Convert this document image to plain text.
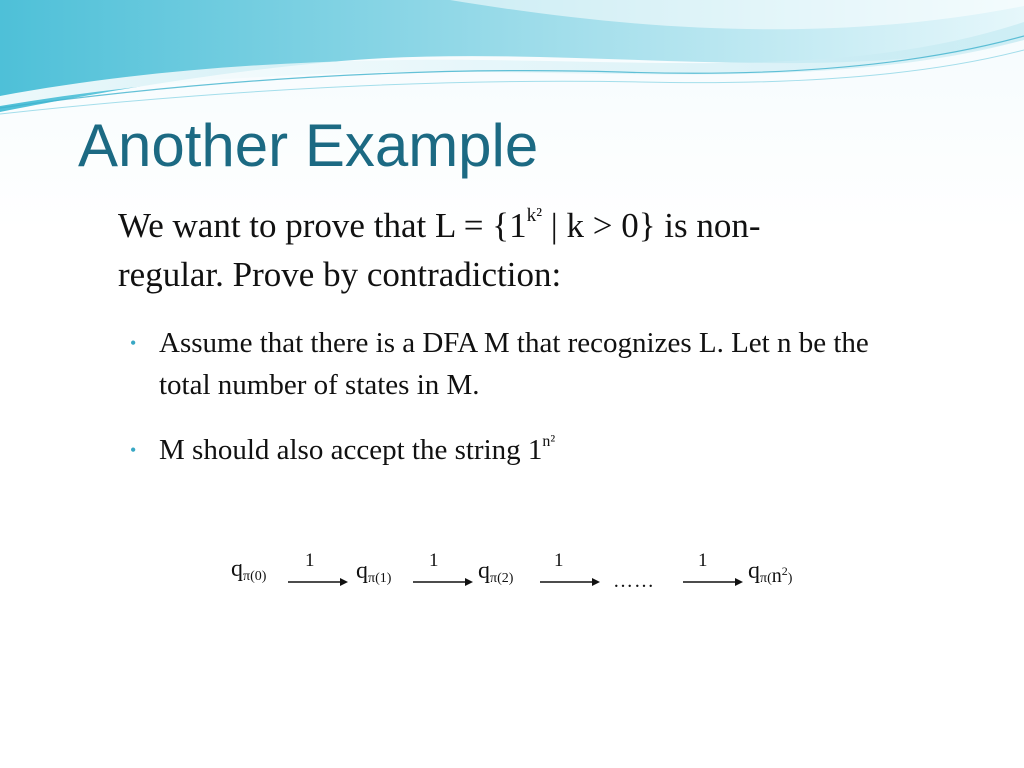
Another Example

We want to prove that $L = \{1^{k^2}$ | k > 0} is non-
regular. Prove by contradiction:

• Assume that there is a DFA M that recognizes L. Let n be the total number of states in M.
• M should also accept the string $1^{n^2}$
qπ(0)
1 qπ(1)
1 qπ(2)
1
……
1 $q\pi(n^2)$
